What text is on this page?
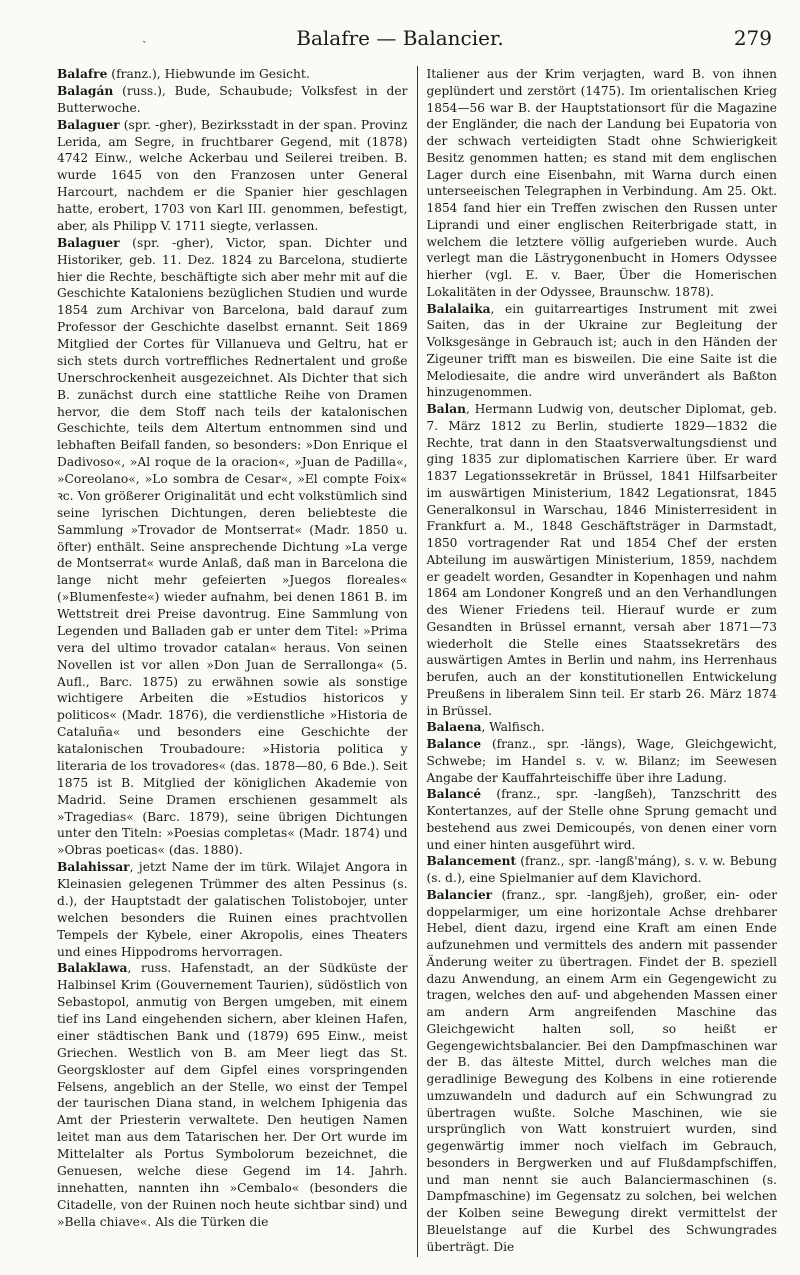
ˏ	Balafre — Balancier.	279

Balafre (franz.), Hiebwunde im Gesicht.

Balagán (russ.), Bude, Schaubude; Volksfest in der Butterwoche.

Balaguer (spr. -gher), Bezirksstadt in der span. Provinz Lerida, am Segre, in fruchtbarer Gegend, mit (1878) 4742 Einw., welche Ackerbau und Seilerei treiben. B. wurde 1645 von den Franzosen unter General Harcourt, nachdem er die Spanier hier geschlagen hatte, erobert, 1703 von Karl III. genommen, befestigt, aber, als Philipp V. 1711 siegte, verlassen.

Balaguer (spr. -gher), Victor, span. Dichter und Historiker, geb. 11. Dez. 1824 zu Barcelona, studierte hier die Rechte, beschäftigte sich aber mehr mit auf die Geschichte Kataloniens bezüglichen Studien und wurde 1854 zum Archivar von Barcelona, bald darauf zum Professor der Geschichte daselbst ernannt. Seit 1869 Mitglied der Cortes für Villanueva und Geltru, hat er sich stets durch vortreffliches Rednertalent und große Unerschrockenheit ausgezeichnet. Als Dichter that sich B. zunächst durch eine stattliche Reihe von Dramen hervor, die dem Stoff nach teils der katalonischen Geschichte, teils dem Altertum entnommen sind und lebhaften Beifall fanden, so besonders: »Don Enrique el Dadivoso«, »Al roque de la oracion«, »Juan de Padilla«, »Coreolano«, »Lo sombra de Cesar«, »El compte Foix« ꝛc. Von größerer Originalität und echt volkstümlich sind seine lyrischen Dichtungen, deren beliebteste die Sammlung »Trovador de Montserrat« (Madr. 1850 u. öfter) enthält. Seine ansprechende Dichtung »La verge de Montserrat« wurde Anlaß, daß man in Barcelona die lange nicht mehr gefeierten »Juegos floreales« (»Blumenfeste«) wieder aufnahm, bei denen 1861 B. im Wettstreit drei Preise davontrug. Eine Sammlung von Legenden und Balladen gab er unter dem Titel: »Prima vera del ultimo trovador catalan« heraus. Von seinen Novellen ist vor allen »Don Juan de Serrallonga« (5. Aufl., Barc. 1875) zu erwähnen sowie als sonstige wichtigere Arbeiten die »Estudios historicos y politicos« (Madr. 1876), die verdienstliche »Historia de Cataluña« und besonders eine Geschichte der katalonischen Troubadoure: »Historia politica y literaria de los trovadores« (das. 1878—80, 6 Bde.). Seit 1875 ist B. Mitglied der königlichen Akademie von Madrid. Seine Dramen erschienen gesammelt als »Tragedias« (Barc. 1879), seine übrigen Dichtungen unter den Titeln: »Poesias completas« (Madr. 1874) und »Obras poeticas« (das. 1880).

Balahissar, jetzt Name der im türk. Wilajet Angora in Kleinasien gelegenen Trümmer des alten Pessinus (s. d.), der Hauptstadt der galatischen Tolistobojer, unter welchen besonders die Ruinen eines prachtvollen Tempels der Kybele, einer Akropolis, eines Theaters und eines Hippodroms hervorragen.

Balaklawa, russ. Hafenstadt, an der Südküste der Halbinsel Krim (Gouvernement Taurien), südöstlich von Sebastopol, anmutig von Bergen umgeben, mit einem tief ins Land eingehenden sichern, aber kleinen Hafen, einer städtischen Bank und (1879) 695 Einw., meist Griechen. Westlich von B. am Meer liegt das St. Georgskloster auf dem Gipfel eines vorspringenden Felsens, angeblich an der Stelle, wo einst der Tempel der taurischen Diana stand, in welchem Iphigenia das Amt der Priesterin verwaltete. Den heutigen Namen leitet man aus dem Tatarischen her. Der Ort wurde im Mittelalter als Portus Symbolorum bezeichnet, die Genuesen, welche diese Gegend im 14. Jahrh. innehatten, nannten ihn »Cembalo« (besonders die Citadelle, von der Ruinen noch heute sichtbar sind) und »Bella chiave«. Als die Türken die

Italiener aus der Krim verjagten, ward B. von ihnen geplündert und zerstört (1475). Im orientalischen Krieg 1854—56 war B. der Hauptstationsort für die Magazine der Engländer, die nach der Landung bei Eupatoria von der schwach verteidigten Stadt ohne Schwierigkeit Besitz genommen hatten; es stand mit dem englischen Lager durch eine Eisenbahn, mit Warna durch einen unterseeischen Telegraphen in Verbindung. Am 25. Okt. 1854 fand hier ein Treffen zwischen den Russen unter Liprandi und einer englischen Reiterbrigade statt, in welchem die letztere völlig aufgerieben wurde. Auch verlegt man die Lästrygonenbucht in Homers Odyssee hierher (vgl. E. v. Baer, Über die Homerischen Lokalitäten in der Odyssee, Braunschw. 1878).

Balalaika, ein guitarreartiges Instrument mit zwei Saiten, das in der Ukraine zur Begleitung der Volksgesänge in Gebrauch ist; auch in den Händen der Zigeuner trifft man es bisweilen. Die eine Saite ist die Melodiesaite, die andre wird unverändert als Baßton hinzugenommen.

Balan, Hermann Ludwig von, deutscher Diplomat, geb. 7. März 1812 zu Berlin, studierte 1829—1832 die Rechte, trat dann in den Staatsverwaltungsdienst und ging 1835 zur diplomatischen Karriere über. Er ward 1837 Legationssekretär in Brüssel, 1841 Hilfsarbeiter im auswärtigen Ministerium, 1842 Legationsrat, 1845 Generalkonsul in Warschau, 1846 Ministerresident in Frankfurt a. M., 1848 Geschäftsträger in Darmstadt, 1850 vortragender Rat und 1854 Chef der ersten Abteilung im auswärtigen Ministerium, 1859, nachdem er geadelt worden, Gesandter in Kopenhagen und nahm 1864 am Londoner Kongreß und an den Verhandlungen des Wiener Friedens teil. Hierauf wurde er zum Gesandten in Brüssel ernannt, versah aber 1871—73 wiederholt die Stelle eines Staatssekretärs des auswärtigen Amtes in Berlin und nahm, ins Herrenhaus berufen, auch an der konstitutionellen Entwickelung Preußens in liberalem Sinn teil. Er starb 26. März 1874 in Brüssel.

Balaena, Walfisch.

Balance (franz., spr. -längs), Wage, Gleichgewicht, Schwebe; im Handel s. v. w. Bilanz; im Seewesen Angabe der Kauffahrteischiffe über ihre Ladung.

Balancé (franz., spr. -langßeh), Tanzschritt des Kontertanzes, auf der Stelle ohne Sprung gemacht und bestehend aus zwei Demicoupés, von denen einer vorn und einer hinten ausgeführt wird.

Balancement (franz., spr. -langß'máng), s. v. w. Bebung (s. d.), eine Spielmanier auf dem Klavichord.

Balancier (franz., spr. -langßjeh), großer, ein- oder doppelarmiger, um eine horizontale Achse drehbarer Hebel, dient dazu, irgend eine Kraft am einen Ende aufzunehmen und vermittels des andern mit passender Änderung weiter zu übertragen. Findet der B. speziell dazu Anwendung, an einem Arm ein Gegengewicht zu tragen, welches den auf- und abgehenden Massen einer am andern Arm angreifenden Maschine das Gleichgewicht halten soll, so heißt er Gegengewichtsbalancier. Bei den Dampfmaschinen war der B. das älteste Mittel, durch welches man die geradlinige Bewegung des Kolbens in eine rotierende umzuwandeln und dadurch auf ein Schwungrad zu übertragen wußte. Solche Maschinen, wie sie ursprünglich von Watt konstruiert wurden, sind gegenwärtig immer noch vielfach im Gebrauch, besonders in Bergwerken und auf Flußdampfschiffen, und man nennt sie auch Balanciermaschinen (s. Dampfmaschine) im Gegensatz zu solchen, bei welchen der Kolben seine Bewegung direkt vermittelst der Bleuelstange auf die Kurbel des Schwungrades überträgt. Die
